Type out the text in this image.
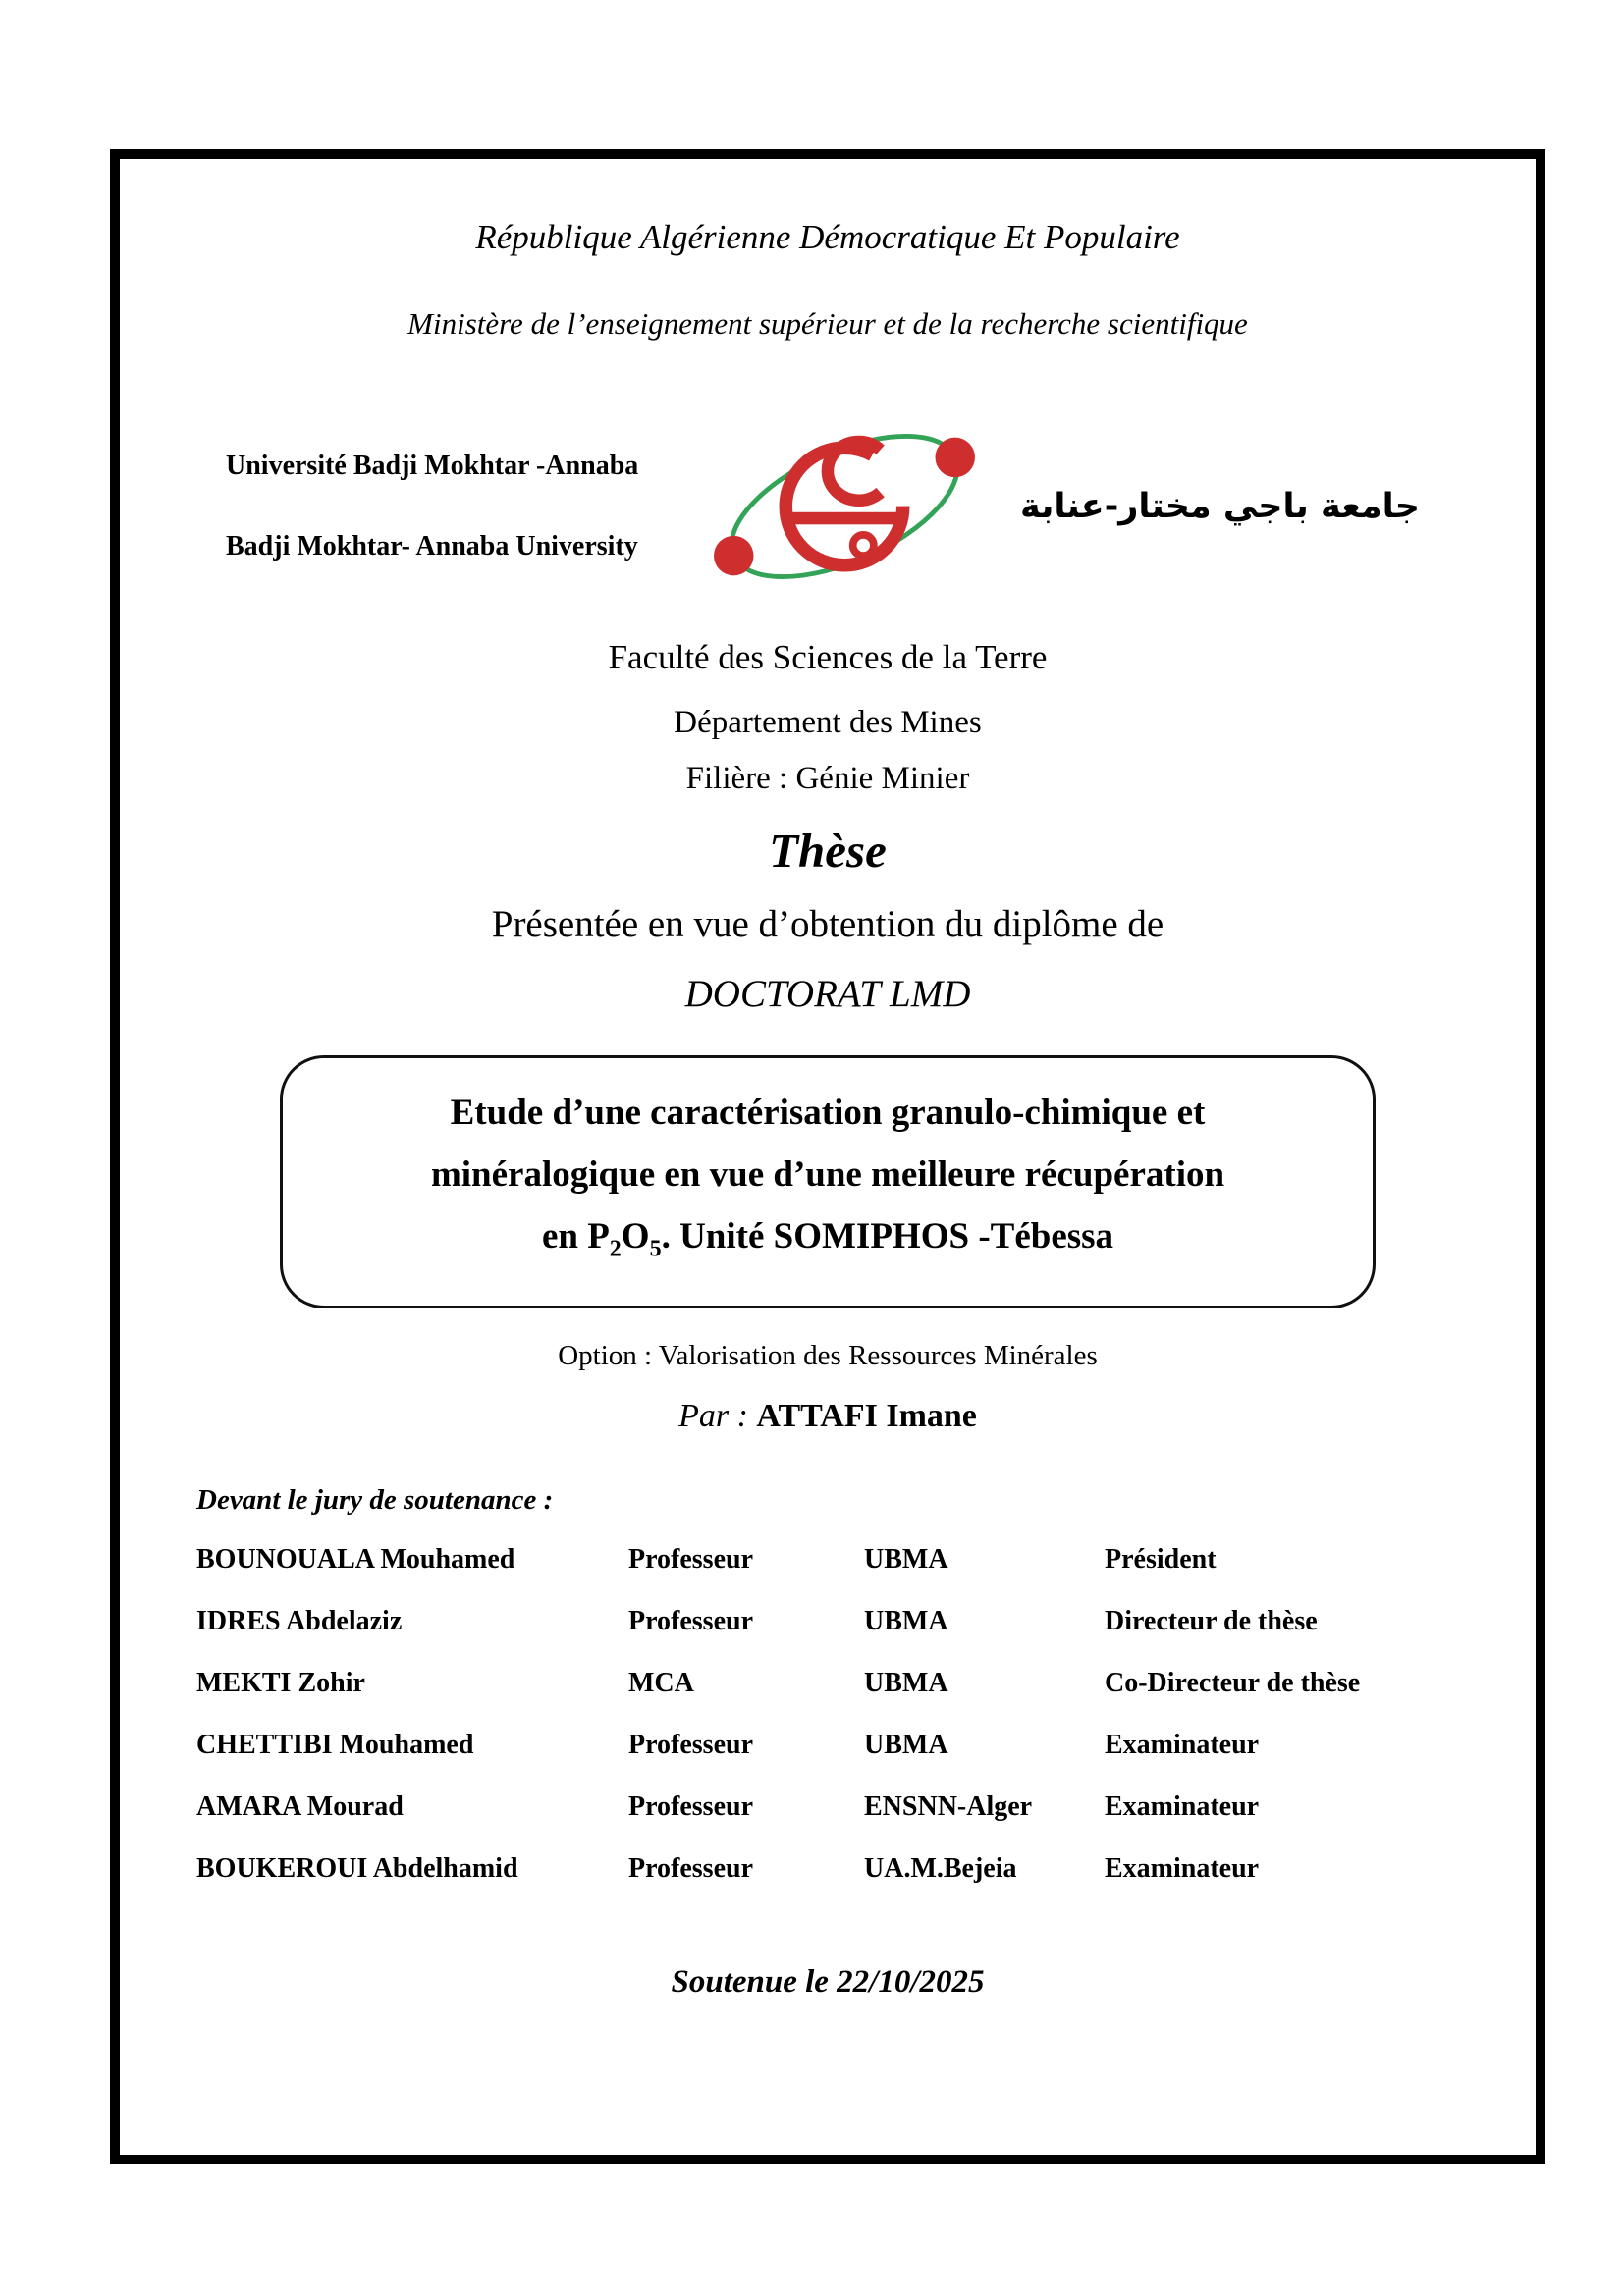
République Algérienne Démocratique Et Populaire
Ministère de l’enseignement supérieur et de la recherche scientifique
Université Badji Mokhtar -Annaba
Badji Mokhtar- Annaba University
جامعة باجي مختار-عنابة
Faculté des Sciences de la Terre
Département des Mines
Filière : Génie Minier
Thèse
Présentée en vue d’obtention du diplôme de
DOCTORAT LMD
Etude d’une caractérisation granulo-chimique et
minéralogique en vue d’une meilleure récupération
en $P_2O_5$. Unité SOMIPHOS -Tébessa
Option : Valorisation des Ressources Minérales
Par : ATTAFI Imane
Devant le jury de soutenance :
BOUNOUALA Mouhamed	Professeur	UBMA	Président
IDRES Abdelaziz	Professeur	UBMA	Directeur de thèse
MEKTI Zohir	MCA	UBMA	Co-Directeur de thèse
CHETTIBI Mouhamed	Professeur	UBMA	Examinateur
AMARA Mourad	Professeur	ENSNN-Alger	Examinateur
BOUKEROUI Abdelhamid	Professeur	UA.M.Bejeia	Examinateur
Soutenue le 22/10/2025
